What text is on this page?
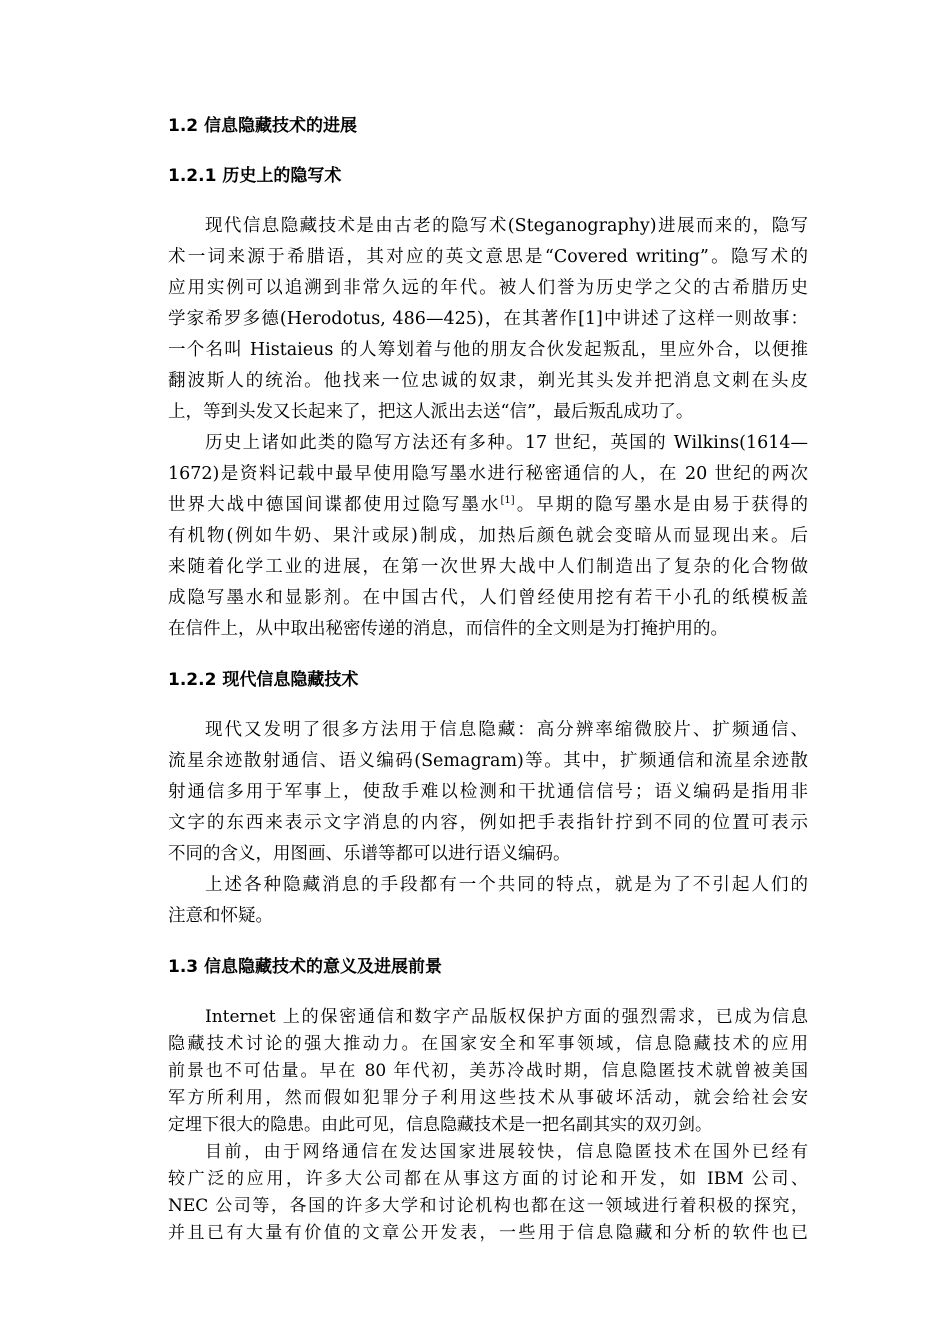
1.2 信息隐藏技术的进展
1.2.1 历史上的隐写术
现代信息隐藏技术是由古老的隐写术(Steganography)进展而来的，隐写
术一词来源于希腊语，其对应的英文意思是“Covered writing”。隐写术的
应用实例可以追溯到非常久远的年代。被人们誉为历史学之父的古希腊历史
学家希罗多德(Herodotus, 486—425)，在其著作[1]中讲述了这样一则故事：
一个名叫 Histaieus 的人筹划着与他的朋友合伙发起叛乱，里应外合，以便推
翻波斯人的统治。他找来一位忠诚的奴隶，剃光其头发并把消息文刺在头皮
上，等到头发又长起来了，把这人派出去送“信”，最后叛乱成功了。
历史上诸如此类的隐写方法还有多种。17 世纪，英国的 Wilkins(1614—
1672)是资料记载中最早使用隐写墨水进行秘密通信的人，在 20 世纪的两次
世界大战中德国间谍都使用过隐写墨水[1]。早期的隐写墨水是由易于获得的
有机物(例如牛奶、果汁或尿)制成，加热后颜色就会变暗从而显现出来。后
来随着化学工业的进展，在第一次世界大战中人们制造出了复杂的化合物做
成隐写墨水和显影剂。在中国古代，人们曾经使用挖有若干小孔的纸模板盖
在信件上，从中取出秘密传递的消息，而信件的全文则是为打掩护用的。
1.2.2 现代信息隐藏技术
现代又发明了很多方法用于信息隐藏：高分辨率缩微胶片、扩频通信、
流星余迹散射通信、语义编码(Semagram)等。其中，扩频通信和流星余迹散
射通信多用于军事上，使敌手难以检测和干扰通信信号；语义编码是指用非
文字的东西来表示文字消息的内容，例如把手表指针拧到不同的位置可表示
不同的含义，用图画、乐谱等都可以进行语义编码。
上述各种隐藏消息的手段都有一个共同的特点，就是为了不引起人们的
注意和怀疑。
1.3 信息隐藏技术的意义及进展前景
Internet 上的保密通信和数字产品版权保护方面的强烈需求，已成为信息
隐藏技术讨论的强大推动力。在国家安全和军事领域，信息隐藏技术的应用
前景也不可估量。早在 80 年代初，美苏冷战时期，信息隐匿技术就曾被美国
军方所利用，然而假如犯罪分子利用这些技术从事破坏活动，就会给社会安
定埋下很大的隐患。由此可见，信息隐藏技术是一把名副其实的双刃剑。
目前，由于网络通信在发达国家进展较快，信息隐匿技术在国外已经有
较广泛的应用，许多大公司都在从事这方面的讨论和开发，如 IBM 公司、
NEC 公司等，各国的许多大学和讨论机构也都在这一领域进行着积极的探究，
并且已有大量有价值的文章公开发表，一些用于信息隐藏和分析的软件也已
